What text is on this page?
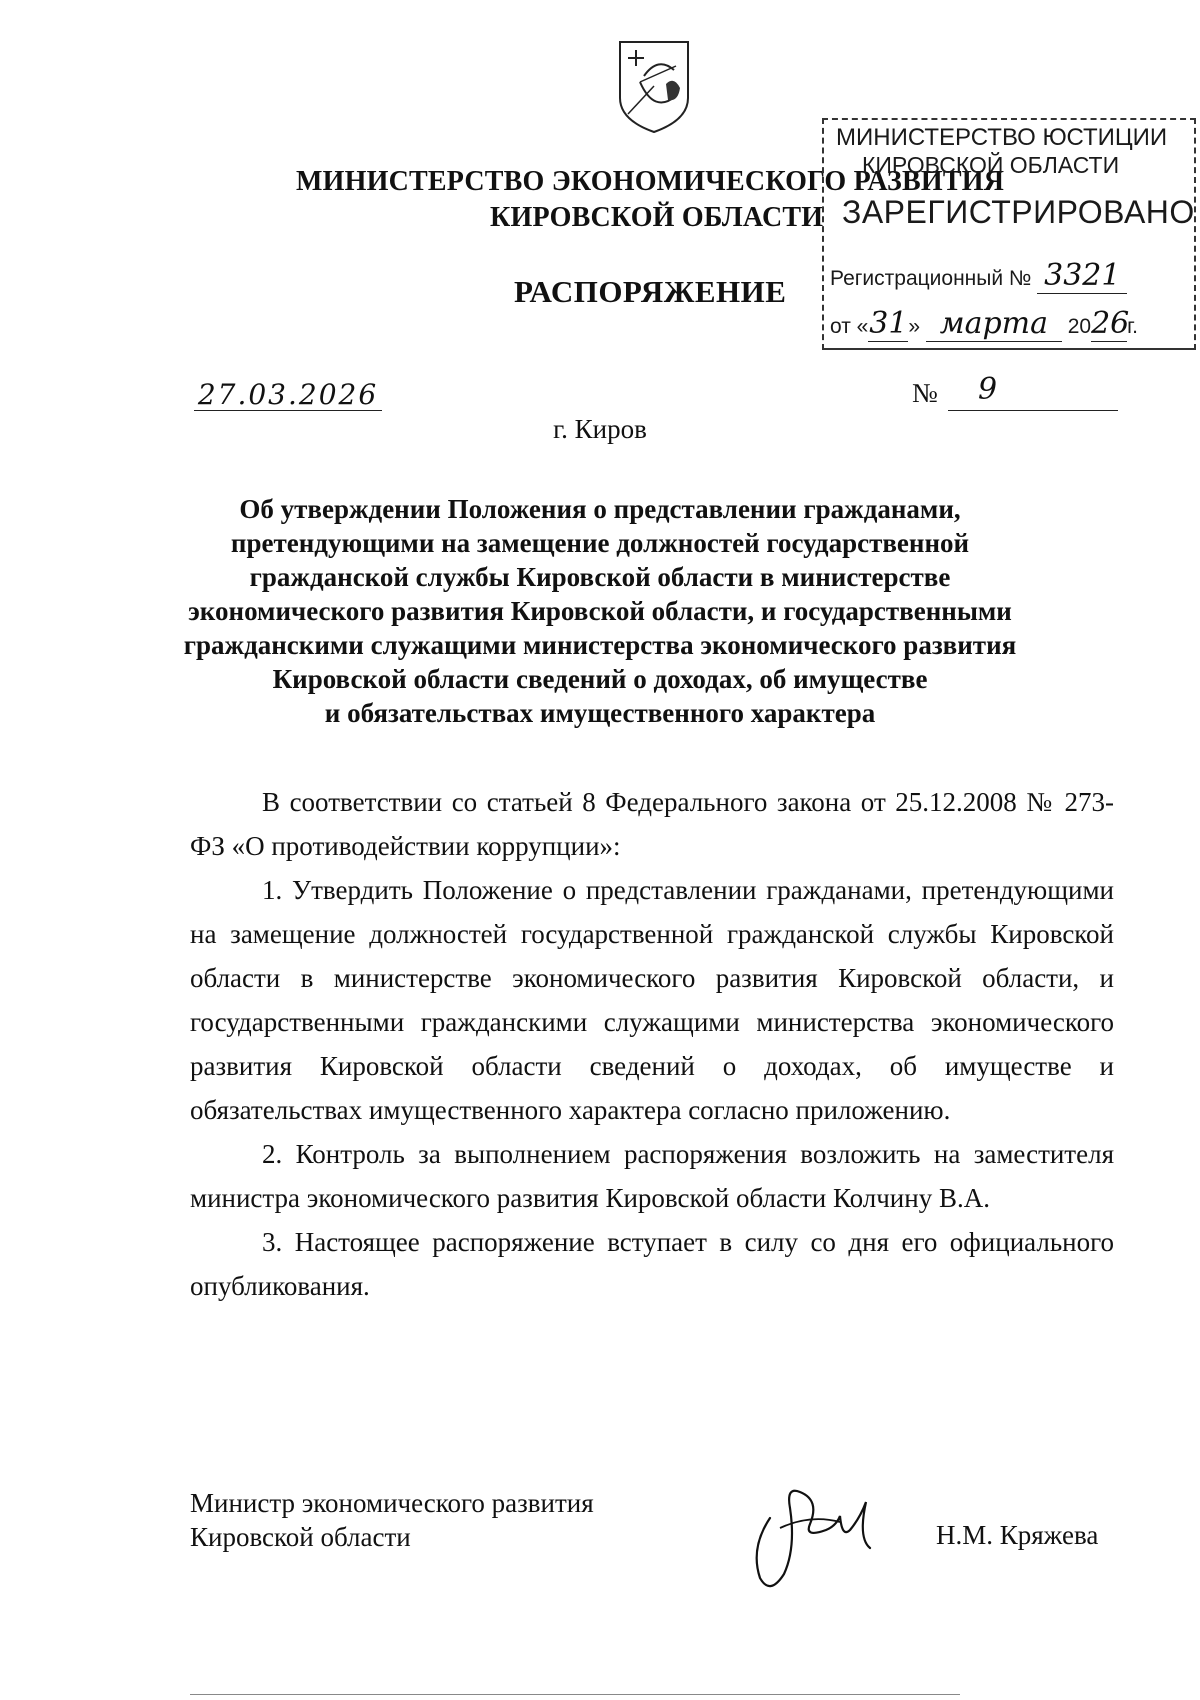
МИНИСТЕРСТВО ЭКОНОМИЧЕСКОГО РАЗВИТИЯ
КИРОВСКОЙ ОБЛАСТИ
РАСПОРЯЖЕНИЕ
МИНИСТЕРСТВО ЮСТИЦИИ
КИРОВСКОЙ ОБЛАСТИ
ЗАРЕГИСТРИРОВАНО
Регистрационный № 3321
от «31» марта 2026г.
27.03.2026	№ 9
г. Киров
Об утверждении Положения о представлении гражданами,
претендующими на замещение должностей государственной
гражданской службы Кировской области в министерстве
экономического развития Кировской области, и государственными
гражданскими служащими министерства экономического развития
Кировской области сведений о доходах, об имуществе
и обязательствах имущественного характера

В соответствии со статьей 8 Федерального закона от 25.12.2008 № 273-ФЗ «О противодействии коррупции»:

1. Утвердить Положение о представлении гражданами, претендующими на замещение должностей государственной гражданской службы Кировской области в министерстве экономического развития Кировской области, и государственными гражданскими служащими министерства экономического развития Кировской области сведений о доходах, об имуществе и обязательствах имущественного характера согласно приложению.

2. Контроль за выполнением распоряжения возложить на заместителя министра экономического развития Кировской области Колчину В.А.

3. Настоящее распоряжение вступает в силу со дня его официального опубликования.

Министр экономического развития
Кировской области	Н.М. Кряжева
